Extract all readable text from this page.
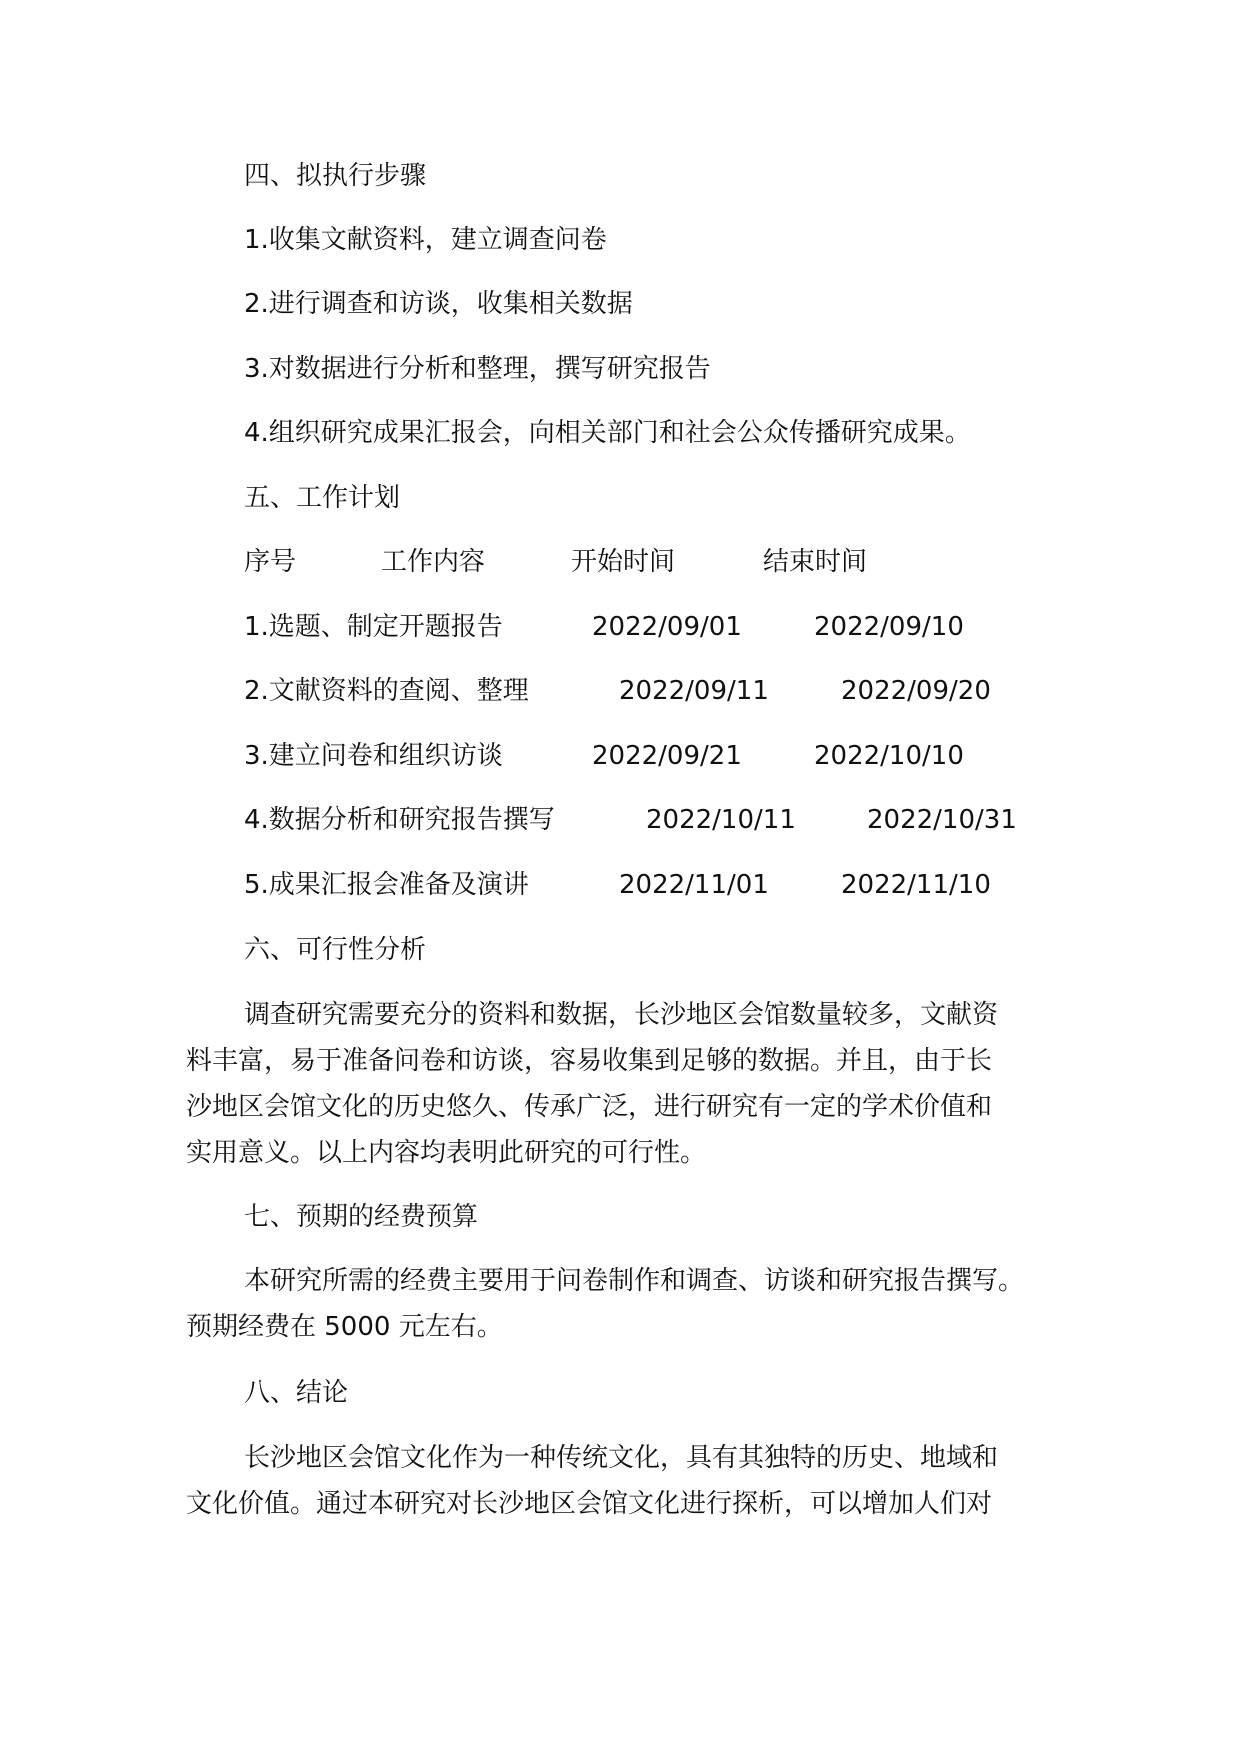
四、拟执行步骤

1.收集文献资料，建立调查问卷

2.进行调查和访谈，收集相关数据

3.对数据进行分析和整理，撰写研究报告

4.组织研究成果汇报会，向相关部门和社会公众传播研究成果。

五、工作计划

序号	工作内容	开始时间	结束时间

1.选题、制定开题报告	2022/09/01	2022/09/10

2.文献资料的查阅、整理	2022/09/11	2022/09/20

3.建立问卷和组织访谈	2022/09/21	2022/10/10

4.数据分析和研究报告撰写	2022/10/11	2022/10/31

5.成果汇报会准备及演讲	2022/11/01	2022/11/10

六、可行性分析

调查研究需要充分的资料和数据，长沙地区会馆数量较多，文献资

料丰富，易于准备问卷和访谈，容易收集到足够的数据。并且，由于长

沙地区会馆文化的历史悠久、传承广泛，进行研究有一定的学术价值和

实用意义。以上内容均表明此研究的可行性。

七、预期的经费预算

本研究所需的经费主要用于问卷制作和调查、访谈和研究报告撰写。

预期经费在 5000 元左右。

八、结论

长沙地区会馆文化作为一种传统文化，具有其独特的历史、地域和

文化价值。通过本研究对长沙地区会馆文化进行探析，可以增加人们对
